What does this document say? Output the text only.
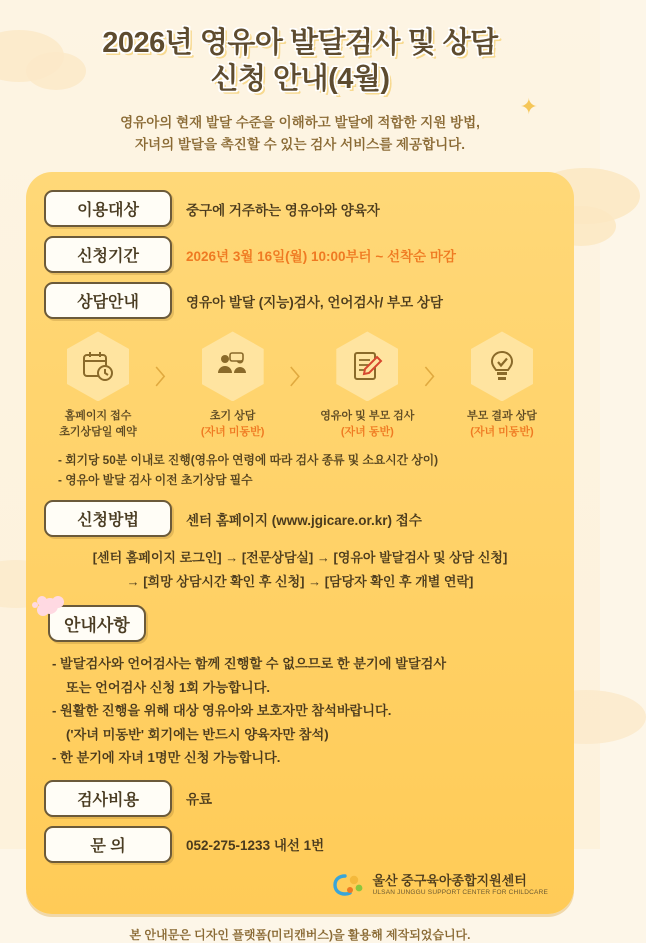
✦
2026년 영유아 발달검사 및 상담
신청 안내(4월)
영유아의 현재 발달 수준을 이해하고 발달에 적합한 지원 방법,
자녀의 발달을 촉진할 수 있는 검사 서비스를 제공합니다.
이용대상	중구에 거주하는 영유아와 양육자
신청기간	2026년 3월 16일(월) 10:00부터 ~ 선착순 마감
상담안내	영유아 발달 (지능)검사, 언어검사/ 부모 상담
홈페이지 접수
초기상담일 예약
〉
초기 상담
(자녀 미동반)
〉
영유아 및 부모 검사
(자녀 동반)
〉
부모 결과 상담
(자녀 미동반)
- 회기당 50분 이내로 진행(영유아 연령에 따라 검사 종류 및 소요시간 상이)
- 영유아 발달 검사 이전 초기상담 필수
신청방법	센터 홈페이지 (www.jgicare.or.kr) 접수
[센터 홈페이지 로그인] → [전문상담실] → [영유아 발달검사 및 상담 신청]
→ [희망 상담시간 확인 후 신청] → [담당자 확인 후 개별 연락]
안내사항
- 발달검사와 언어검사는 함께 진행할 수 없으므로 한 분기에 발달검사
또는 언어검사 신청 1회 가능합니다.
- 원활한 진행을 위해 대상 영유아와 보호자만 참석바랍니다.
('자녀 미동반' 회기에는 반드시 양육자만 참석)
- 한 분기에 자녀 1명만 신청 가능합니다.
검사비용	유료
문 의	052-275-1233 내선 1번
울산 중구육아종합지원센터
ULSAN JUNGGU SUPPORT CENTER FOR CHILDCARE
본 안내문은 디자인 플랫폼(미리캔버스)을 활용해 제작되었습니다.
